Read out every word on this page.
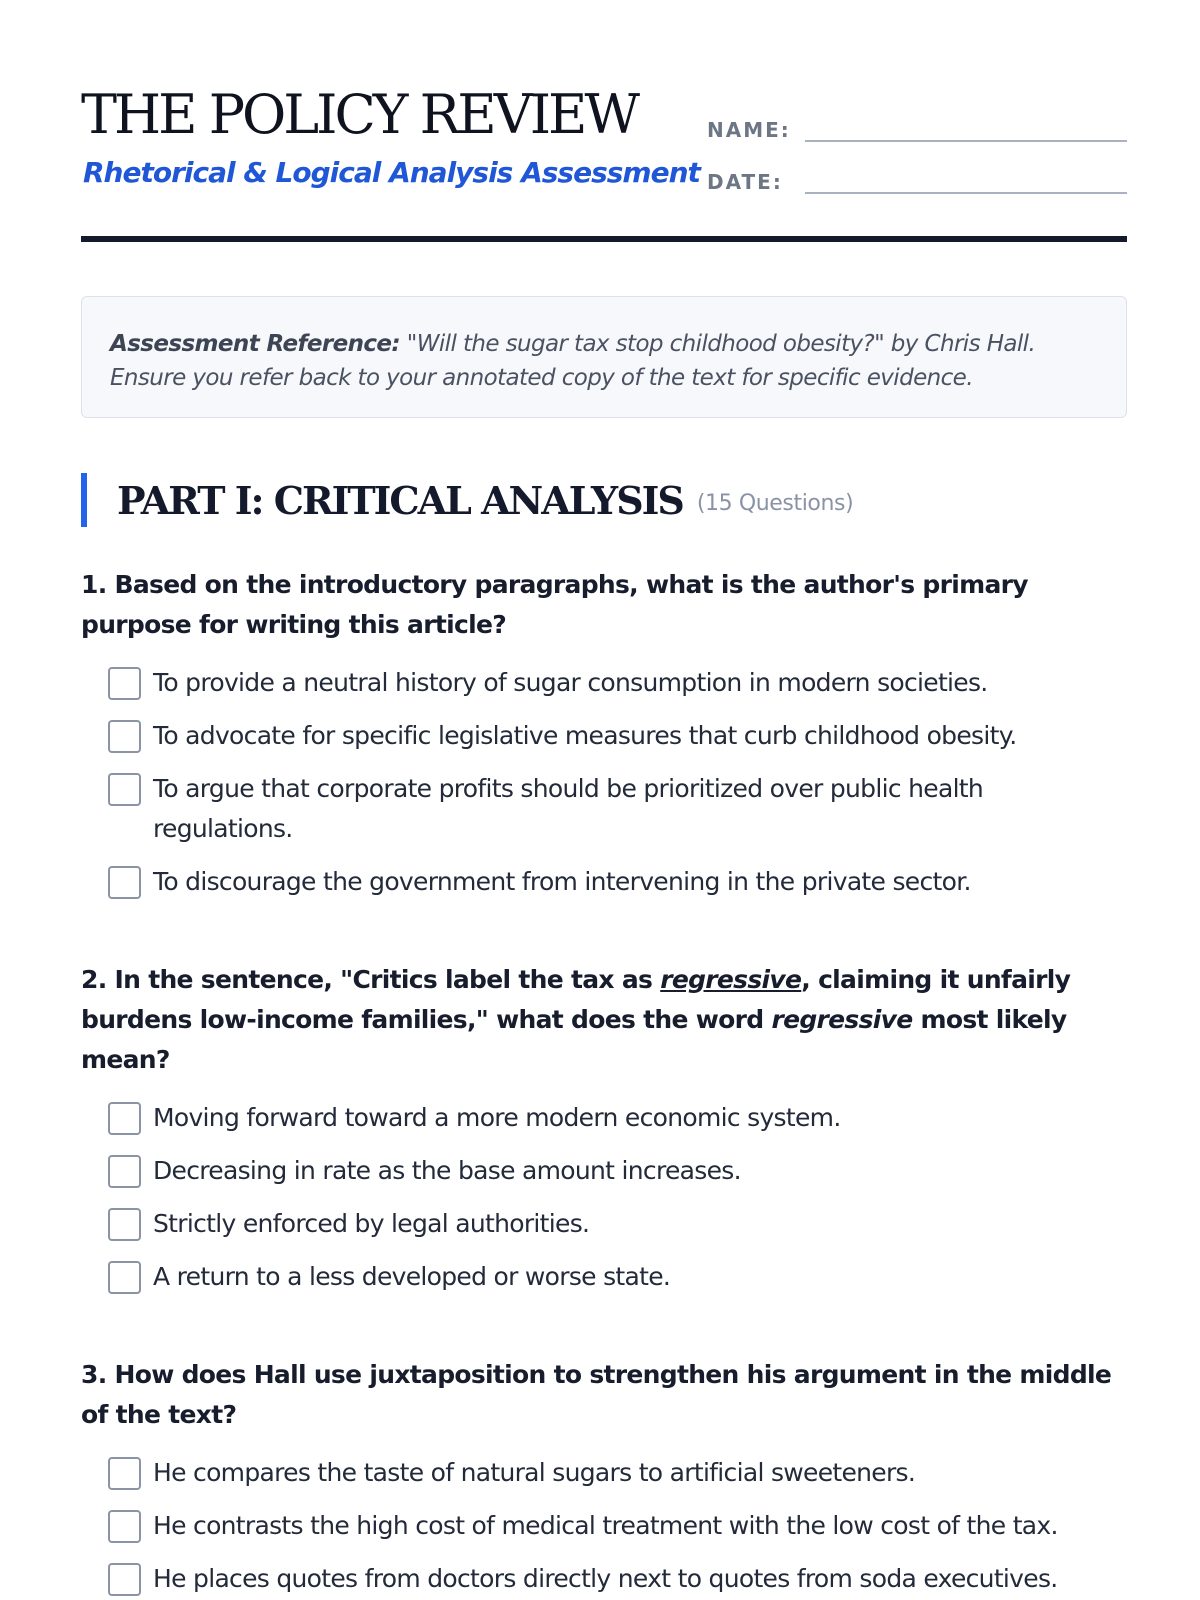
THE POLICY REVIEW
Rhetorical & Logical Analysis Assessment
NAME:
DATE:
Assessment Reference: "Will the sugar tax stop childhood obesity?" by Chris Hall. Ensure you refer back to your annotated copy of the text for specific evidence.
PART I: CRITICAL ANALYSIS (15 Questions)
1. Based on the introductory paragraphs, what is the author's primary purpose for writing this article?
To provide a neutral history of sugar consumption in modern societies.
To advocate for specific legislative measures that curb childhood obesity.
To argue that corporate profits should be prioritized over public health regulations.
To discourage the government from intervening in the private sector.
2. In the sentence, "Critics label the tax as regressive, claiming it unfairly burdens low-income families," what does the word regressive most likely mean?
Moving forward toward a more modern economic system.
Decreasing in rate as the base amount increases.
Strictly enforced by legal authorities.
A return to a less developed or worse state.
3. How does Hall use juxtaposition to strengthen his argument in the middle of the text?
He compares the taste of natural sugars to artificial sweeteners.
He contrasts the high cost of medical treatment with the low cost of the tax.
He places quotes from doctors directly next to quotes from soda executives.
